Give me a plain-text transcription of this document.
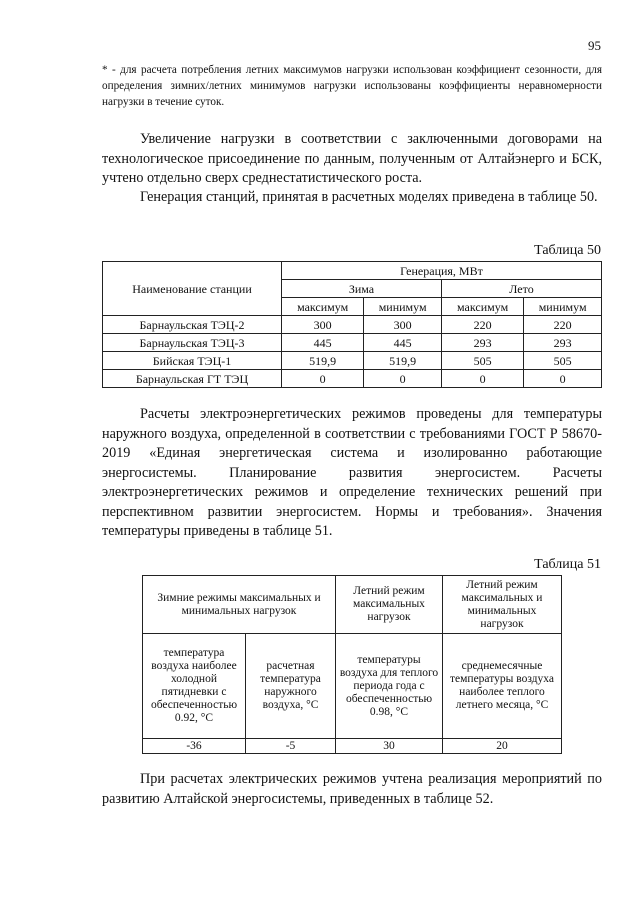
95
* - для расчета потребления летних максимумов нагрузки использован коэффициент сезонности, для определения зимних/летних минимумов нагрузки использованы коэффициенты неравномерности нагрузки в течение суток.

Увеличение нагрузки в соответствии с заключенными договорами на технологическое присоединение по данным, полученным от Алтайэнерго и БСК, учтено отдельно сверх среднестатистического роста.

Генерация станций, принятая в расчетных моделях приведена в таблице 50.

Таблица 50
Наименование станции	Генерация, МВт			
	Зима		Лето	
	максимум	минимум	максимум	минимум
Барнаульская ТЭЦ-2	300	300	220	220
Барнаульская ТЭЦ-3	445	445	293	293
Бийская ТЭЦ-1	519,9	519,9	505	505
Барнаульская ГТ ТЭЦ	0	0	0	0

Расчеты электроэнергетических режимов проведены для температуры наружного воздуха, определенной в соответствии с требованиями ГОСТ Р 58670-2019 «Единая энергетическая система и изолированно работающие энергосистемы. Планирование развития энергосистем. Расчеты электроэнергетических режимов и определение технических решений при перспективном развитии энергосистем. Нормы и требования». Значения температуры приведены в таблице 51.

Таблица 51
Зимние режимы максимальных и минимальных нагрузок		Летний режим максимальных нагрузок	Летний режим максимальных и минимальных нагрузок
температура воздуха наиболее холодной пятидневки с обеспеченностью 0.92, °С	расчетная температура наружного воздуха, °С	температуры воздуха для теплого периода года с обеспеченностью 0.98, °С	среднемесячные температуры воздуха наиболее теплого летнего месяца, °С
-36	-5	30	20

При расчетах электрических режимов учтена реализация мероприятий по развитию Алтайской энергосистемы, приведенных в таблице 52.
